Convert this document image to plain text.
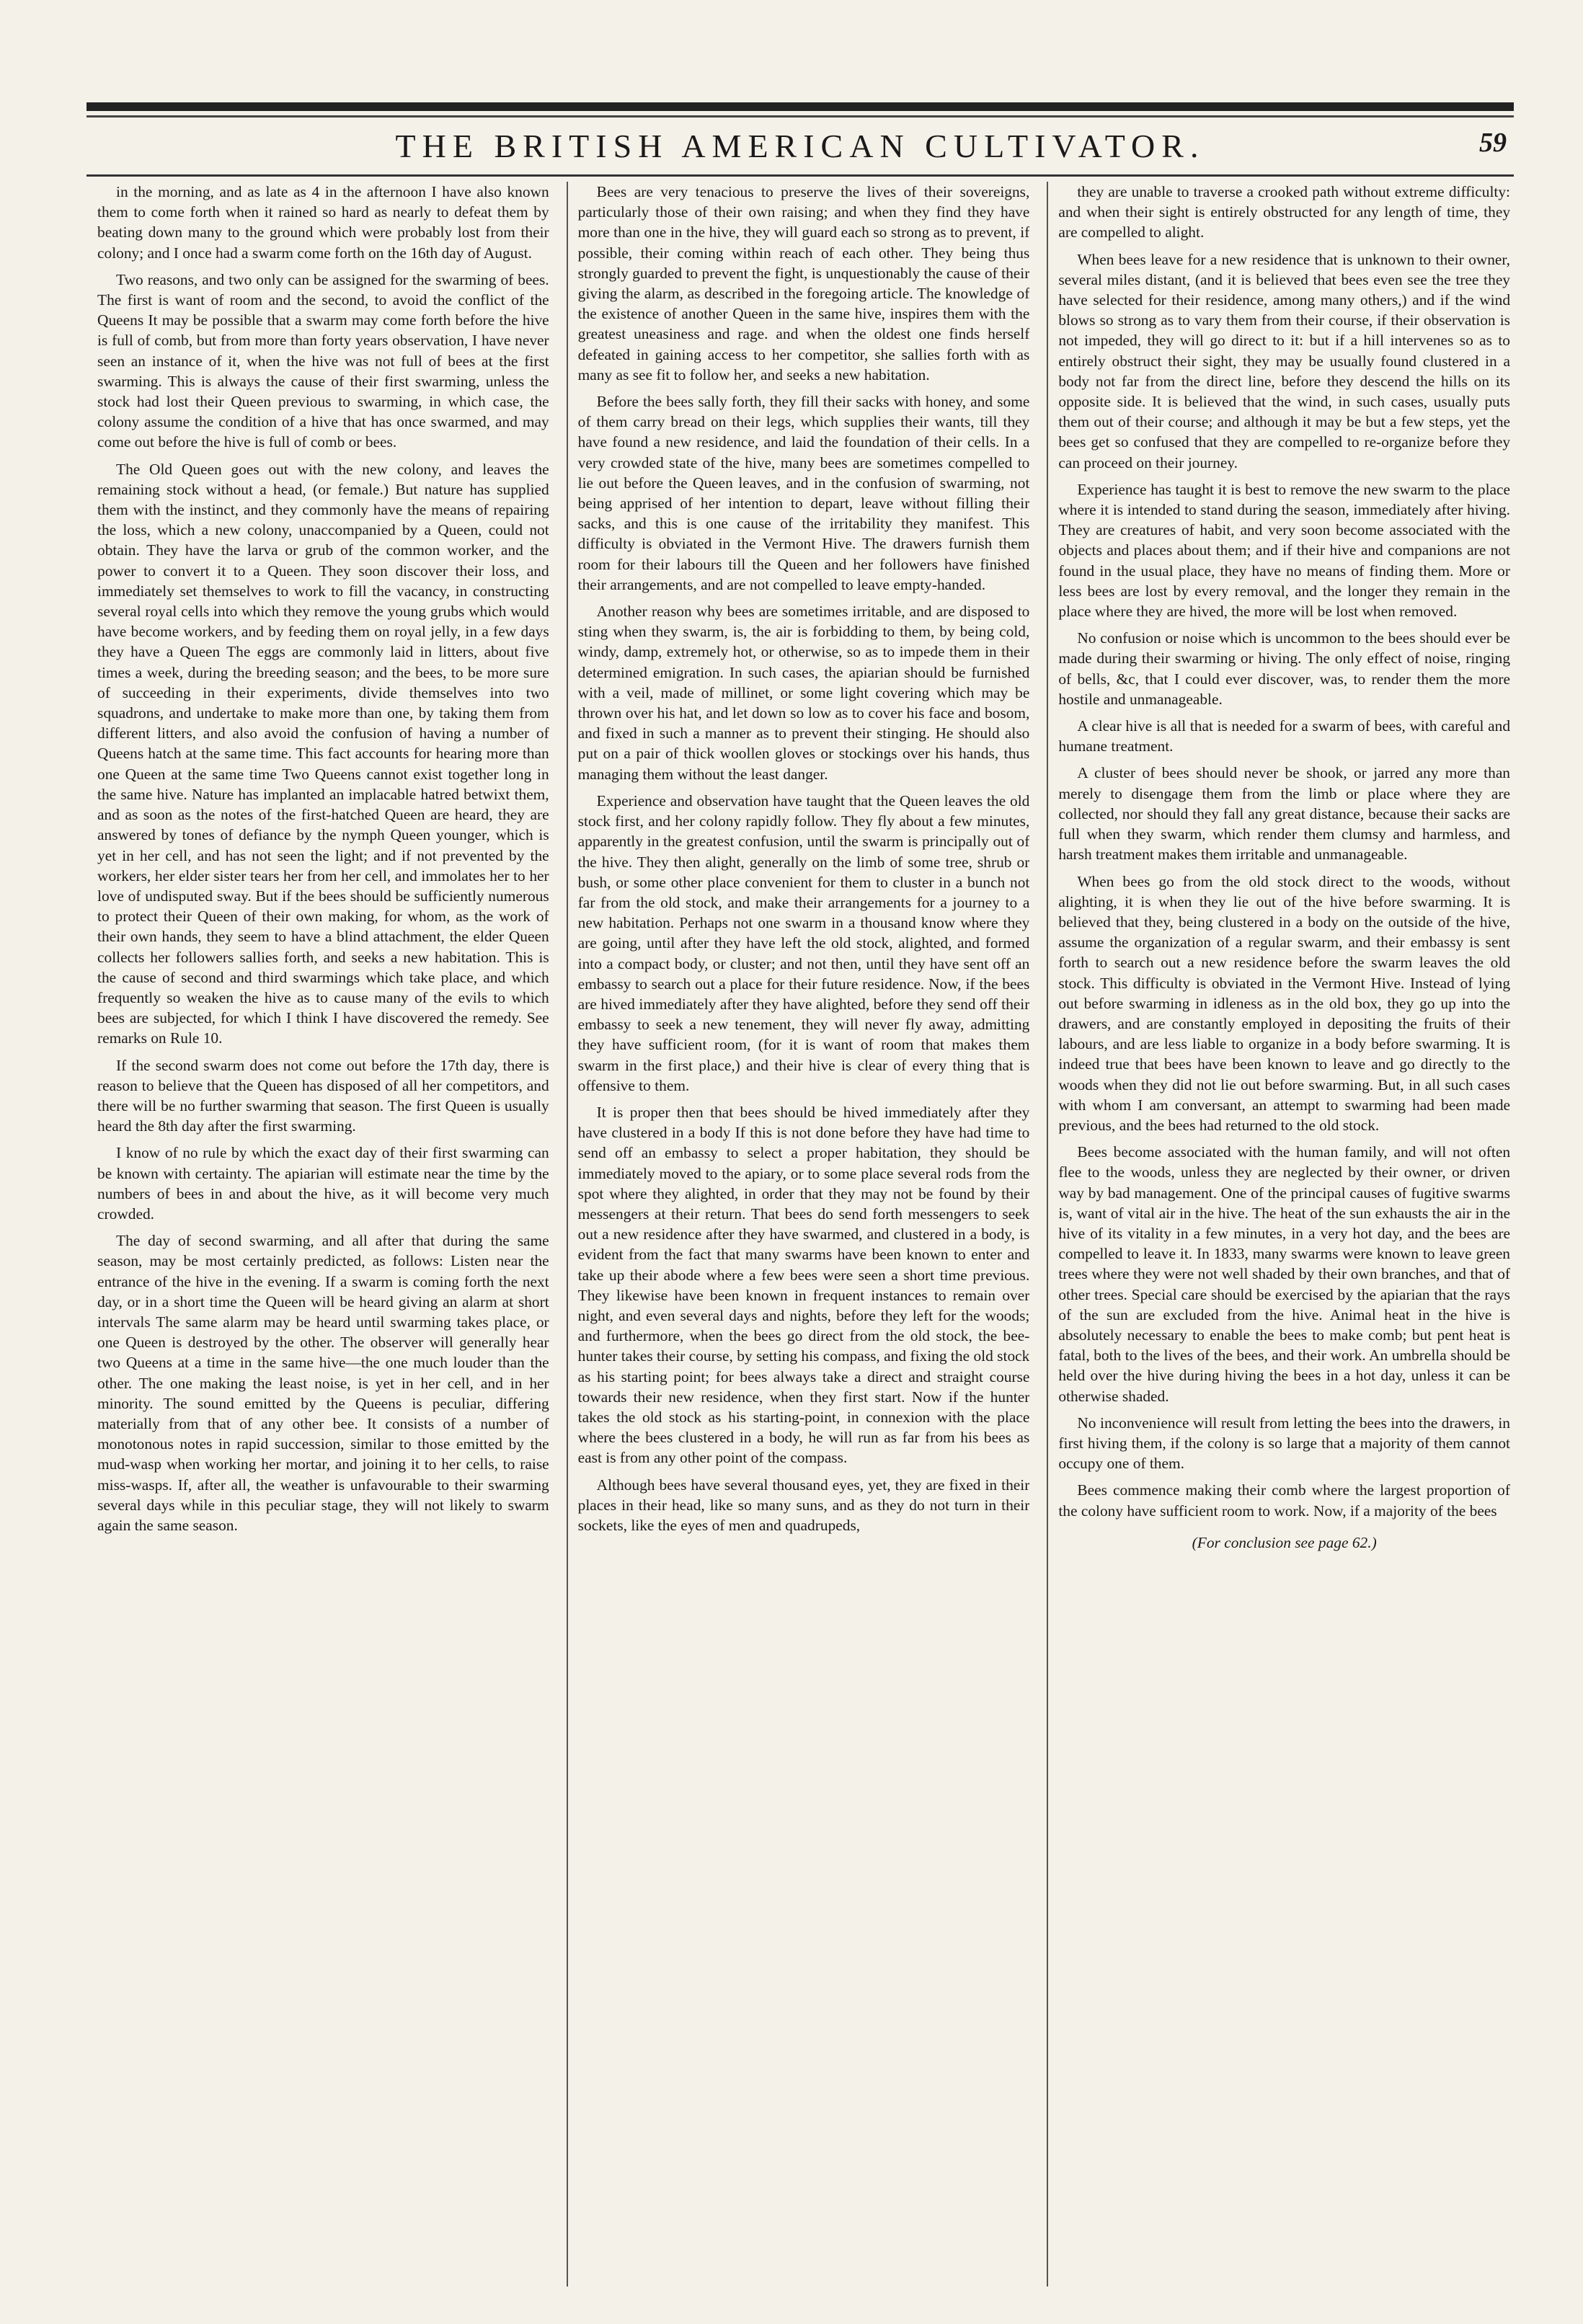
THE BRITISH AMERICAN CULTIVATOR.	59

in the morning, and as late as 4 in the afternoon I have also known them to come forth when it rained so hard as nearly to defeat them by beating down many to the ground which were probably lost from their colony; and I once had a swarm come forth on the 16th day of August.

Two reasons, and two only can be assigned for the swarming of bees. The first is want of room and the second, to avoid the conflict of the Queens It may be possible that a swarm may come forth before the hive is full of comb, but from more than forty years observation, I have never seen an instance of it, when the hive was not full of bees at the first swarming. This is always the cause of their first swarming, unless the stock had lost their Queen previous to swarming, in which case, the colony assume the condition of a hive that has once swarmed, and may come out before the hive is full of comb or bees.

The Old Queen goes out with the new colony, and leaves the remaining stock without a head, (or female.) But nature has supplied them with the instinct, and they commonly have the means of repairing the loss, which a new colony, unaccompanied by a Queen, could not obtain. They have the larva or grub of the common worker, and the power to convert it to a Queen. They soon discover their loss, and immediately set themselves to work to fill the vacancy, in constructing several royal cells into which they remove the young grubs which would have become workers, and by feeding them on royal jelly, in a few days they have a Queen The eggs are commonly laid in litters, about five times a week, during the breeding season; and the bees, to be more sure of succeeding in their experiments, divide themselves into two squadrons, and undertake to make more than one, by taking them from different litters, and also avoid the confusion of having a number of Queens hatch at the same time. This fact accounts for hearing more than one Queen at the same time Two Queens cannot exist together long in the same hive. Nature has implanted an implacable hatred betwixt them, and as soon as the notes of the first-hatched Queen are heard, they are answered by tones of defiance by the nymph Queen younger, which is yet in her cell, and has not seen the light; and if not prevented by the workers, her elder sister tears her from her cell, and immolates her to her love of undisputed sway. But if the bees should be sufficiently numerous to protect their Queen of their own making, for whom, as the work of their own hands, they seem to have a blind attachment, the elder Queen collects her followers sallies forth, and seeks a new habitation. This is the cause of second and third swarmings which take place, and which frequently so weaken the hive as to cause many of the evils to which bees are subjected, for which I think I have discovered the remedy. See remarks on Rule 10.

If the second swarm does not come out before the 17th day, there is reason to believe that the Queen has disposed of all her competitors, and there will be no further swarming that season. The first Queen is usually heard the 8th day after the first swarming.

I know of no rule by which the exact day of their first swarming can be known with certainty. The apiarian will estimate near the time by the numbers of bees in and about the hive, as it will become very much crowded.

The day of second swarming, and all after that during the same season, may be most certainly predicted, as follows: Listen near the entrance of the hive in the evening. If a swarm is coming forth the next day, or in a short time the Queen will be heard giving an alarm at short intervals The same alarm may be heard until swarming takes place, or one Queen is destroyed by the other. The observer will generally hear two Queens at a time in the same hive—the one much louder than the other. The one making the least noise, is yet in her cell, and in her minority. The sound emitted by the Queens is peculiar, differing materially from that of any other bee. It consists of a number of monotonous notes in rapid succession, similar to those emitted by the mud-wasp when working her mortar, and joining it to her cells, to raise miss-wasps. If, after all, the weather is unfavourable to their swarming several days while in this peculiar stage, they will not likely to swarm again the same season.

Bees are very tenacious to preserve the lives of their sovereigns, particularly those of their own raising; and when they find they have more than one in the hive, they will guard each so strong as to prevent, if possible, their coming within reach of each other. They being thus strongly guarded to prevent the fight, is unquestionably the cause of their giving the alarm, as described in the foregoing article. The knowledge of the existence of another Queen in the same hive, inspires them with the greatest uneasiness and rage. and when the oldest one finds herself defeated in gaining access to her competitor, she sallies forth with as many as see fit to follow her, and seeks a new habitation.

Before the bees sally forth, they fill their sacks with honey, and some of them carry bread on their legs, which supplies their wants, till they have found a new residence, and laid the foundation of their cells. In a very crowded state of the hive, many bees are sometimes compelled to lie out before the Queen leaves, and in the confusion of swarming, not being apprised of her intention to depart, leave without filling their sacks, and this is one cause of the irritability they manifest. This difficulty is obviated in the Vermont Hive. The drawers furnish them room for their labours till the Queen and her followers have finished their arrangements, and are not compelled to leave empty-handed.

Another reason why bees are sometimes irritable, and are disposed to sting when they swarm, is, the air is forbidding to them, by being cold, windy, damp, extremely hot, or otherwise, so as to impede them in their determined emigration. In such cases, the apiarian should be furnished with a veil, made of millinet, or some light covering which may be thrown over his hat, and let down so low as to cover his face and bosom, and fixed in such a manner as to prevent their stinging. He should also put on a pair of thick woollen gloves or stockings over his hands, thus managing them without the least danger.

Experience and observation have taught that the Queen leaves the old stock first, and her colony rapidly follow. They fly about a few minutes, apparently in the greatest confusion, until the swarm is principally out of the hive. They then alight, generally on the limb of some tree, shrub or bush, or some other place convenient for them to cluster in a bunch not far from the old stock, and make their arrangements for a journey to a new habitation. Perhaps not one swarm in a thousand know where they are going, until after they have left the old stock, alighted, and formed into a compact body, or cluster; and not then, until they have sent off an embassy to search out a place for their future residence. Now, if the bees are hived immediately after they have alighted, before they send off their embassy to seek a new tenement, they will never fly away, admitting they have sufficient room, (for it is want of room that makes them swarm in the first place,) and their hive is clear of every thing that is offensive to them.

It is proper then that bees should be hived immediately after they have clustered in a body If this is not done before they have had time to send off an embassy to select a proper habitation, they should be immediately moved to the apiary, or to some place several rods from the spot where they alighted, in order that they may not be found by their messengers at their return. That bees do send forth messengers to seek out a new residence after they have swarmed, and clustered in a body, is evident from the fact that many swarms have been known to enter and take up their abode where a few bees were seen a short time previous. They likewise have been known in frequent instances to remain over night, and even several days and nights, before they left for the woods; and furthermore, when the bees go direct from the old stock, the bee-hunter takes their course, by setting his compass, and fixing the old stock as his starting point; for bees always take a direct and straight course towards their new residence, when they first start. Now if the hunter takes the old stock as his starting-point, in connexion with the place where the bees clustered in a body, he will run as far from his bees as east is from any other point of the compass.

Although bees have several thousand eyes, yet, they are fixed in their places in their head, like so many suns, and as they do not turn in their sockets, like the eyes of men and quadrupeds,

they are unable to traverse a crooked path without extreme difficulty: and when their sight is entirely obstructed for any length of time, they are compelled to alight.

When bees leave for a new residence that is unknown to their owner, several miles distant, (and it is believed that bees even see the tree they have selected for their residence, among many others,) and if the wind blows so strong as to vary them from their course, if their observation is not impeded, they will go direct to it: but if a hill intervenes so as to entirely obstruct their sight, they may be usually found clustered in a body not far from the direct line, before they descend the hills on its opposite side. It is believed that the wind, in such cases, usually puts them out of their course; and although it may be but a few steps, yet the bees get so confused that they are compelled to re-organize before they can proceed on their journey.

Experience has taught it is best to remove the new swarm to the place where it is intended to stand during the season, immediately after hiving. They are creatures of habit, and very soon become associated with the objects and places about them; and if their hive and companions are not found in the usual place, they have no means of finding them. More or less bees are lost by every removal, and the longer they remain in the place where they are hived, the more will be lost when removed.

No confusion or noise which is uncommon to the bees should ever be made during their swarming or hiving. The only effect of noise, ringing of bells, &c, that I could ever discover, was, to render them the more hostile and unmanageable.

A clear hive is all that is needed for a swarm of bees, with careful and humane treatment.

A cluster of bees should never be shook, or jarred any more than merely to disengage them from the limb or place where they are collected, nor should they fall any great distance, because their sacks are full when they swarm, which render them clumsy and harmless, and harsh treatment makes them irritable and unmanageable.

When bees go from the old stock direct to the woods, without alighting, it is when they lie out of the hive before swarming. It is believed that they, being clustered in a body on the outside of the hive, assume the organization of a regular swarm, and their embassy is sent forth to search out a new residence before the swarm leaves the old stock. This difficulty is obviated in the Vermont Hive. Instead of lying out before swarming in idleness as in the old box, they go up into the drawers, and are constantly employed in depositing the fruits of their labours, and are less liable to organize in a body before swarming. It is indeed true that bees have been known to leave and go directly to the woods when they did not lie out before swarming. But, in all such cases with whom I am conversant, an attempt to swarming had been made previous, and the bees had returned to the old stock.

Bees become associated with the human family, and will not often flee to the woods, unless they are neglected by their owner, or driven way by bad management. One of the principal causes of fugitive swarms is, want of vital air in the hive. The heat of the sun exhausts the air in the hive of its vitality in a few minutes, in a very hot day, and the bees are compelled to leave it. In 1833, many swarms were known to leave green trees where they were not well shaded by their own branches, and that of other trees. Special care should be exercised by the apiarian that the rays of the sun are excluded from the hive. Animal heat in the hive is absolutely necessary to enable the bees to make comb; but pent heat is fatal, both to the lives of the bees, and their work. An umbrella should be held over the hive during hiving the bees in a hot day, unless it can be otherwise shaded.

No inconvenience will result from letting the bees into the drawers, in first hiving them, if the colony is so large that a majority of them cannot occupy one of them.

Bees commence making their comb where the largest proportion of the colony have sufficient room to work. Now, if a majority of the bees

(For conclusion see page 62.)
